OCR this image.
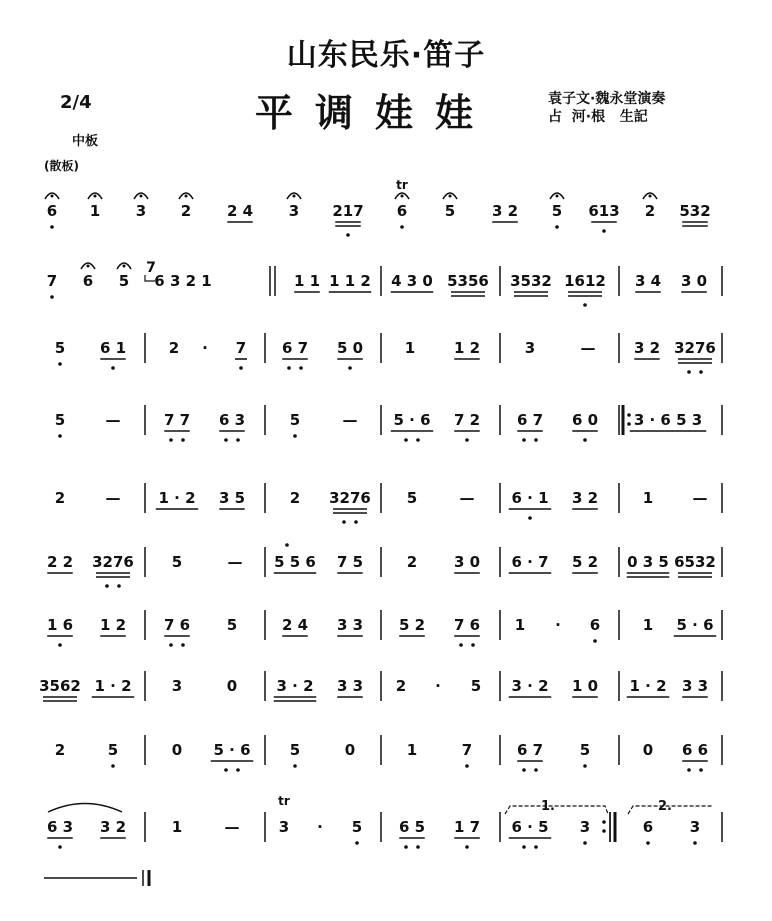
山东民乐·笛子
平调娃娃	袁子文·魏永堂演奏
占  河·根   生記
2/4
中板
(散板)
6 1 3 2 2 4 3 217 6
tr
5 3 2 5 613 2 532
7 6 5 6 3 2 1
7
1 1 1 1 2 4 3 0 5356 3532 1612 3 4 3 0
5 6 1	2 · 7 6 7 5 0	1	1 2	3	—	3 2 3276
5	—	7 7 6 3	5	— 5 · 6 7 2 6 7 6 0 3 · 6 5 3
2	—	1 · 2 3 5	2 3276 5	— 6 · 1 3 2	1	—
2 2 3276	5	— 5 5 6 7 5	2 3 0 6 · 7 5 2 0 3 5 6532
1 6 1 2	7 6 5	2 4 3 3 5 2 7 6 1 · 6	1 5 · 6
3562 1 · 2	3	0	3 · 2 3 3 2 · 5 3 · 2 1 0 1 · 2 3 3
2	5	0 5 · 6	5	0	1	7	6 7 5	0 6 6
6 3 3 2	1	—	3
tr
· 5 6 5 1 7 6 · 5 3	6 3
1.	2.
